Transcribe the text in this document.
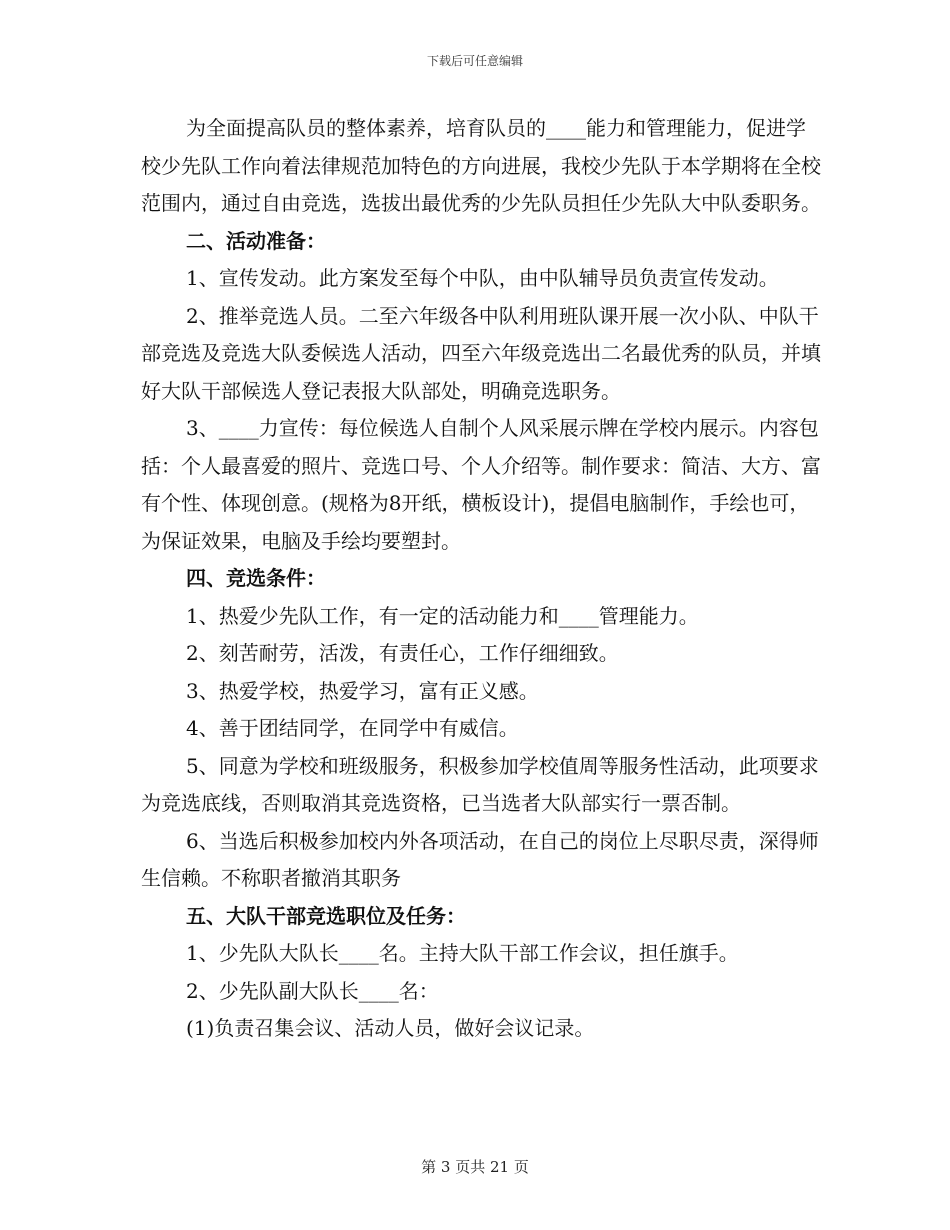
下载后可任意编辑
为全面提高队员的整体素养，培育队员的____能力和管理能力，促进学校少先队工作向着法律规范加特色的方向进展，我校少先队于本学期将在全校范围内，通过自由竞选，选拔出最优秀的少先队员担任少先队大中队委职务。
二、活动准备：
1、宣传发动。此方案发至每个中队，由中队辅导员负责宣传发动。
2、推举竞选人员。二至六年级各中队利用班队课开展一次小队、中队干部竞选及竞选大队委候选人活动，四至六年级竞选出二名最优秀的队员，并填好大队干部候选人登记表报大队部处，明确竞选职务。
3、____力宣传：每位候选人自制个人风采展示牌在学校内展示。内容包括：个人最喜爱的照片、竞选口号、个人介绍等。制作要求：简洁、大方、富有个性、体现创意。(规格为8开纸，横板设计)，提倡电脑制作，手绘也可，为保证效果，电脑及手绘均要塑封。
四、竞选条件：
1、热爱少先队工作，有一定的活动能力和____管理能力。
2、刻苦耐劳，活泼，有责任心，工作仔细细致。
3、热爱学校，热爱学习，富有正义感。
4、善于团结同学，在同学中有威信。
5、同意为学校和班级服务，积极参加学校值周等服务性活动，此项要求为竞选底线，否则取消其竞选资格，已当选者大队部实行一票否制。
6、当选后积极参加校内外各项活动，在自己的岗位上尽职尽责，深得师生信赖。不称职者撤消其职务
五、大队干部竞选职位及任务：
1、少先队大队长____名。主持大队干部工作会议，担任旗手。
2、少先队副大队长____名：
(1)负责召集会议、活动人员，做好会议记录。
第 3 页共 21 页
